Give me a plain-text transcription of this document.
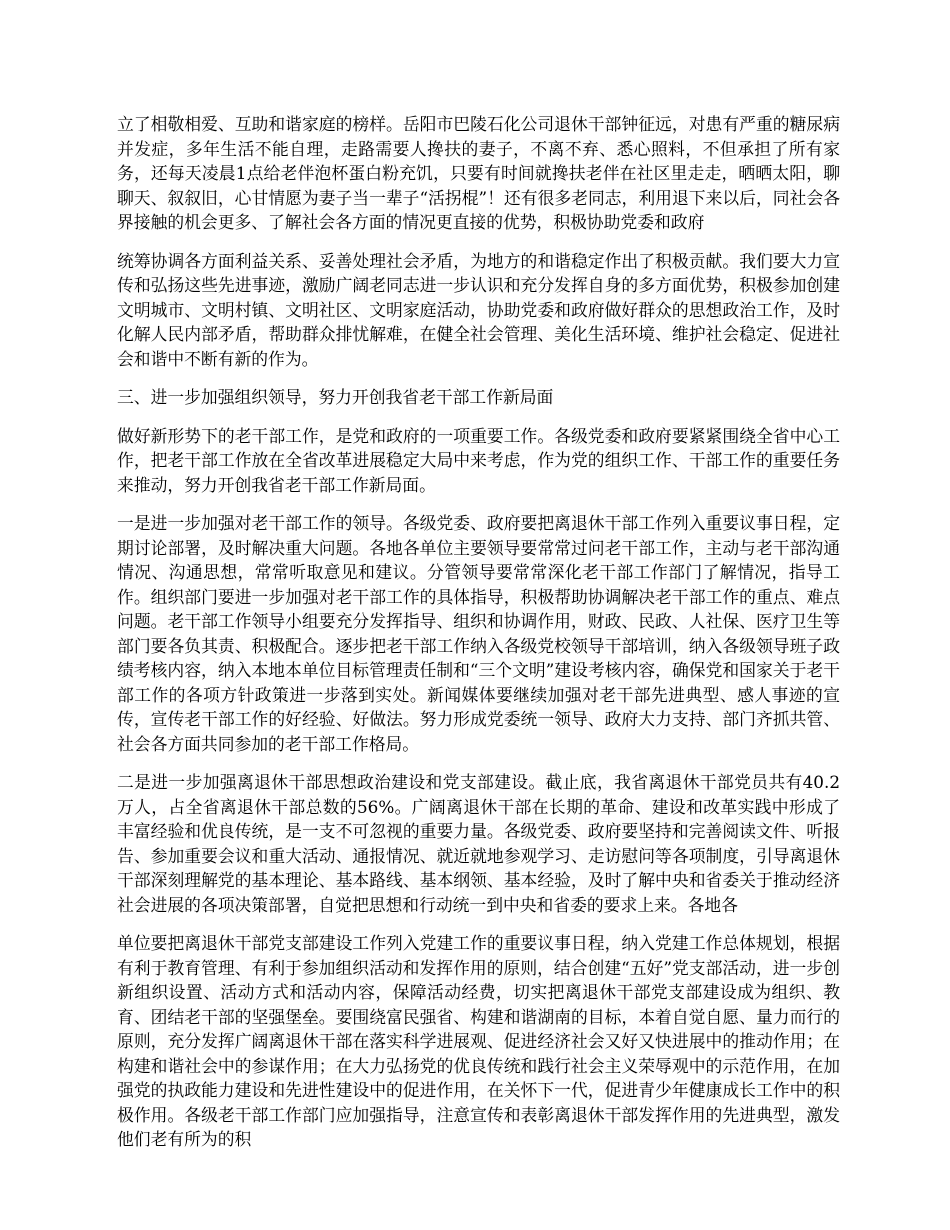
立了相敬相爱、互助和谐家庭的榜样。岳阳市巴陵石化公司退休干部钟征远，对患有严重的糖尿病并发症，多年生活不能自理，走路需要人搀扶的妻子，不离不弃、悉心照料，不但承担了所有家务，还每天凌晨1点给老伴泡杯蛋白粉充饥，只要有时间就搀扶老伴在社区里走走，晒晒太阳，聊聊天、叙叙旧，心甘情愿为妻子当一辈子“活拐棍”！还有很多老同志，利用退下来以后，同社会各界接触的机会更多、了解社会各方面的情况更直接的优势，积极协助党委和政府

统筹协调各方面利益关系、妥善处理社会矛盾，为地方的和谐稳定作出了积极贡献。我们要大力宣传和弘扬这些先进事迹，激励广阔老同志进一步认识和充分发挥自身的多方面优势，积极参加创建文明城市、文明村镇、文明社区、文明家庭活动，协助党委和政府做好群众的思想政治工作，及时化解人民内部矛盾，帮助群众排忧解难，在健全社会管理、美化生活环境、维护社会稳定、促进社会和谐中不断有新的作为。

三、进一步加强组织领导，努力开创我省老干部工作新局面

做好新形势下的老干部工作，是党和政府的一项重要工作。各级党委和政府要紧紧围绕全省中心工作，把老干部工作放在全省改革进展稳定大局中来考虑，作为党的组织工作、干部工作的重要任务来推动，努力开创我省老干部工作新局面。

一是进一步加强对老干部工作的领导。各级党委、政府要把离退休干部工作列入重要议事日程，定期讨论部署，及时解决重大问题。各地各单位主要领导要常常过问老干部工作，主动与老干部沟通情况、沟通思想，常常听取意见和建议。分管领导要常常深化老干部工作部门了解情况，指导工作。组织部门要进一步加强对老干部工作的具体指导，积极帮助协调解决老干部工作的重点、难点问题。老干部工作领导小组要充分发挥指导、组织和协调作用，财政、民政、人社保、医疗卫生等部门要各负其责、积极配合。逐步把老干部工作纳入各级党校领导干部培训，纳入各级领导班子政绩考核内容，纳入本地本单位目标管理责任制和“三个文明”建设考核内容，确保党和国家关于老干部工作的各项方针政策进一步落到实处。新闻媒体要继续加强对老干部先进典型、感人事迹的宣传，宣传老干部工作的好经验、好做法。努力形成党委统一领导、政府大力支持、部门齐抓共管、社会各方面共同参加的老干部工作格局。

二是进一步加强离退休干部思想政治建设和党支部建设。截止底，我省离退休干部党员共有40.2万人，占全省离退休干部总数的56%。广阔离退休干部在长期的革命、建设和改革实践中形成了丰富经验和优良传统，是一支不可忽视的重要力量。各级党委、政府要坚持和完善阅读文件、听报告、参加重要会议和重大活动、通报情况、就近就地参观学习、走访慰问等各项制度，引导离退休干部深刻理解党的基本理论、基本路线、基本纲领、基本经验，及时了解中央和省委关于推动经济社会进展的各项决策部署，自觉把思想和行动统一到中央和省委的要求上来。各地各

单位要把离退休干部党支部建设工作列入党建工作的重要议事日程，纳入党建工作总体规划，根据有利于教育管理、有利于参加组织活动和发挥作用的原则，结合创建“五好”党支部活动，进一步创新组织设置、活动方式和活动内容，保障活动经费，切实把离退休干部党支部建设成为组织、教育、团结老干部的坚强堡垒。要围绕富民强省、构建和谐湖南的目标，本着自觉自愿、量力而行的原则，充分发挥广阔离退休干部在落实科学进展观、促进经济社会又好又快进展中的推动作用；在构建和谐社会中的参谋作用；在大力弘扬党的优良传统和践行社会主义荣辱观中的示范作用，在加强党的执政能力建设和先进性建设中的促进作用，在关怀下一代，促进青少年健康成长工作中的积极作用。各级老干部工作部门应加强指导，注意宣传和表彰离退休干部发挥作用的先进典型，激发他们老有所为的积
